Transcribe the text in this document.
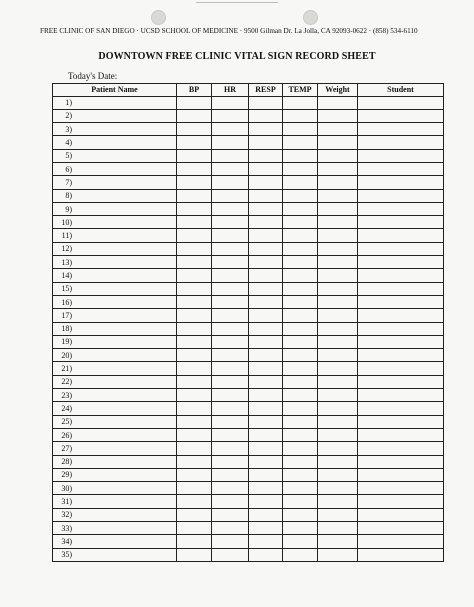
FREE CLINIC OF SAN DIEGO · UCSD SCHOOL OF MEDICINE · 9500 Gilman Dr. La Jolla, CA 92093-0622 · (858) 534-6110
DOWNTOWN FREE CLINIC VITAL SIGN RECORD SHEET
Today's Date:
Patient Name	BP	HR	RESP	TEMP	Weight	Student
1)						
2)						
3)						
4)						
5)						
6)						
7)						
8)						
9)						
10)						
11)						
12)						
13)						
14)						
15)						
16)						
17)						
18)						
19)						
20)						
21)						
22)						
23)						
24)						
25)						
26)						
27)						
28)						
29)						
30)						
31)						
32)						
33)						
34)						
35)						
